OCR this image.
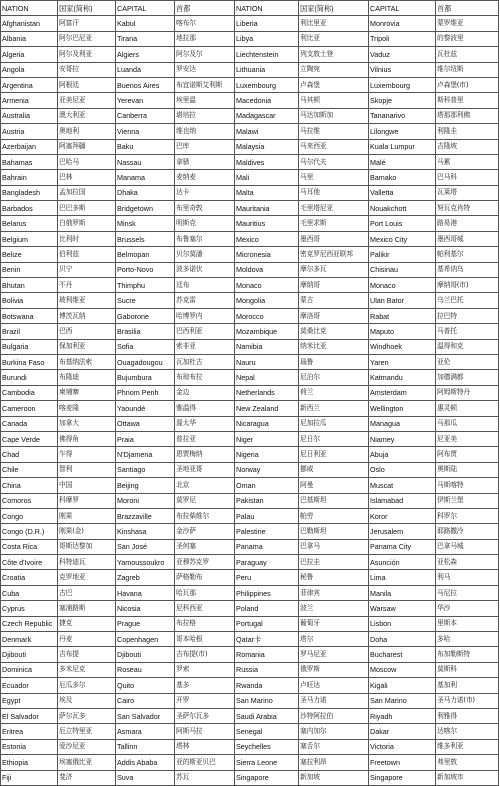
NATION	国家(简称)	CAPITAL	首都	NATION	国家(简称)	CAPITAL	首都
Afghanistan	阿富汗	Kabul	喀布尔	Liberia	利比里亚	Monrovia	蒙罗维亚
Albania	阿尔巴尼亚	Tirana	地拉那	Libya	利比亚	Tripoli	的黎波里
Algeria	阿尔及利亚	Algiers	阿尔及尔	Liechtenstein	列支敦士登	Vaduz	瓦杜兹
Angola	安哥拉	Luanda	罗安达	Lithuania	立陶宛	Vilnius	维尔纽斯
Argentina	阿根廷	Buenos Aires	布宜诺斯艾利斯	Luxembourg	卢森堡	Luxembourg	卢森堡(市)
Armenia	亚美尼亚	Yerevan	埃里温	Macedonia	马其顿	Skopje	斯科普里
Australia	澳大利亚	Canberra	堪培拉	Madagascar	马达加斯加	Tananarivo	塔那那利佛
Austria	奥地利	Vienna	维也纳	Malawi	马拉维	Lilongwe	利隆圭
Azerbaijan	阿塞拜疆	Baku	巴库	Malaysia	马来西亚	Kuala Lumpur	吉隆坡
Bahamas	巴哈马	Nassau	拿骚	Maldives	马尔代夫	Malé	马累
Bahrain	巴林	Manama	麦纳麦	Mali	马里	Bamako	巴马科
Bangladesh	孟加拉国	Dhaka	达卡	Malta	马耳他	Valletta	瓦莱塔
Barbados	巴巴多斯	Bridgetown	布里奇敦	Mauritania	毛里塔尼亚	Nouakchott	努瓦克肖特
Belarus	白俄罗斯	Minsk	明斯克	Mauritius	毛里求斯	Port Louis	路易港
Belgium	比利时	Brussels	布鲁塞尔	Mexico	墨西哥	Mexico City	墨西哥城
Belize	伯利兹	Belmopan	贝尔莫潘	Micronesia	密克罗尼西亚联邦	Palikir	帕利基尔
Benin	贝宁	Porto-Novo	波多诺伏	Moldova	摩尔多瓦	Chisinau	基希讷乌
Bhutan	不丹	Thimphu	廷布	Monaco	摩纳哥	Monaco	摩纳哥(市)
Bolivia	玻利维亚	Sucre	苏克雷	Mongolia	蒙古	Ulan Bator	乌兰巴托
Botswana	博茨瓦纳	Gaborone	哈博罗内	Morocco	摩洛哥	Rabat	拉巴特
Brazil	巴西	Brasilia	巴西利亚	Mozambique	莫桑比克	Maputo	马普托
Bulgaria	保加利亚	Sofia	索非亚	Namibia	纳米比亚	Windhoek	温得和克
Burkina Faso	布基纳法索	Ouagadougou	瓦加杜古	Nauru	瑙鲁	Yaren	亚伦
Burundi	布隆迪	Bujumbura	布琼布拉	Nepal	尼泊尔	Katmandu	加德满都
Cambodia	柬埔寨	Phnom Penh	金边	Netherlands	荷兰	Amsterdam	阿姆斯特丹
Cameroon	喀麦隆	Yaoundé	雅温得	New Zealand	新西兰	Wellington	惠灵顿
Canada	加拿大	Ottawa	渥太华	Nicaragua	尼加拉瓜	Managua	马那瓜
Cape Verde	佛得角	Praia	普拉亚	Niger	尼日尔	Niamey	尼亚美
Chad	乍得	N'Djamena	恩贾梅纳	Nigeria	尼日利亚	Abuja	阿布贾
Chile	智利	Santiago	圣地亚哥	Norway	挪威	Oslo	奥斯陆
China	中国	Beijing	北京	Oman	阿曼	Muscat	马斯喀特
Comoros	科摩罗	Moroni	莫罗尼	Pakistan	巴基斯坦	Islamabad	伊斯兰堡
Congo	刚果	Brazzaville	布拉柴维尔	Palau	帕劳	Koror	科罗尔
Congo (D.R.)	刚果(金)	Kinshasa	金沙萨	Palestine	巴勒斯坦	Jerusalem	耶路撒冷
Costa Rica	哥斯达黎加	San José	圣何塞	Panama	巴拿马	Panama City	巴拿马城
Côte d'Ivoire	科特迪瓦	Yamoussoukro	亚穆苏克罗	Paraguay	巴拉圭	Asunción	亚松森
Croatia	克罗地亚	Zagreb	萨格勒布	Peru	秘鲁	Lima	利马
Cuba	古巴	Havana	哈瓦那	Philippines	菲律宾	Manila	马尼拉
Cyprus	塞浦路斯	Nicosia	尼科西亚	Poland	波兰	Warsaw	华沙
Czech Republic	捷克	Prague	布拉格	Portugal	葡萄牙	Lisbon	里斯本
Denmark	丹麦	Copenhagen	哥本哈根	Qatar卡	塔尔	Doha	多哈
Djibouti	吉布提	Djibouti	吉布提(市)	Romania	罗马尼亚	Bucharest	布加勒斯特
Dominica	多米尼克	Roseau	罗索	Russia	俄罗斯	Moscow	莫斯科
Ecuador	厄瓜多尔	Quito	基多	Rwanda	卢旺达	Kigali	基加利
Egypt	埃及	Cairo	开罗	San Marino	圣马力诺	San Marino	圣马力诺(市)
El Salvador	萨尔瓦多	San Salvador	圣萨尔瓦多	Saudi Arabia	沙特阿拉伯	Riyadh	利雅得
Eritrea	厄立特里亚	Asmara	阿斯马拉	Senegal	塞内加尔	Dakar	达喀尔
Estonia	爱沙尼亚	Tallinn	塔林	Seychelles	塞舌尔	Victoria	维多利亚
Ethiopia	埃塞俄比亚	Addis Ababa	亚的斯亚贝巴	Sierra Leone	塞拉利昂	Freetown	弗里敦
Fiji	斐济	Suva	苏瓦	Singapore	新加坡	Singapore	新加坡市
